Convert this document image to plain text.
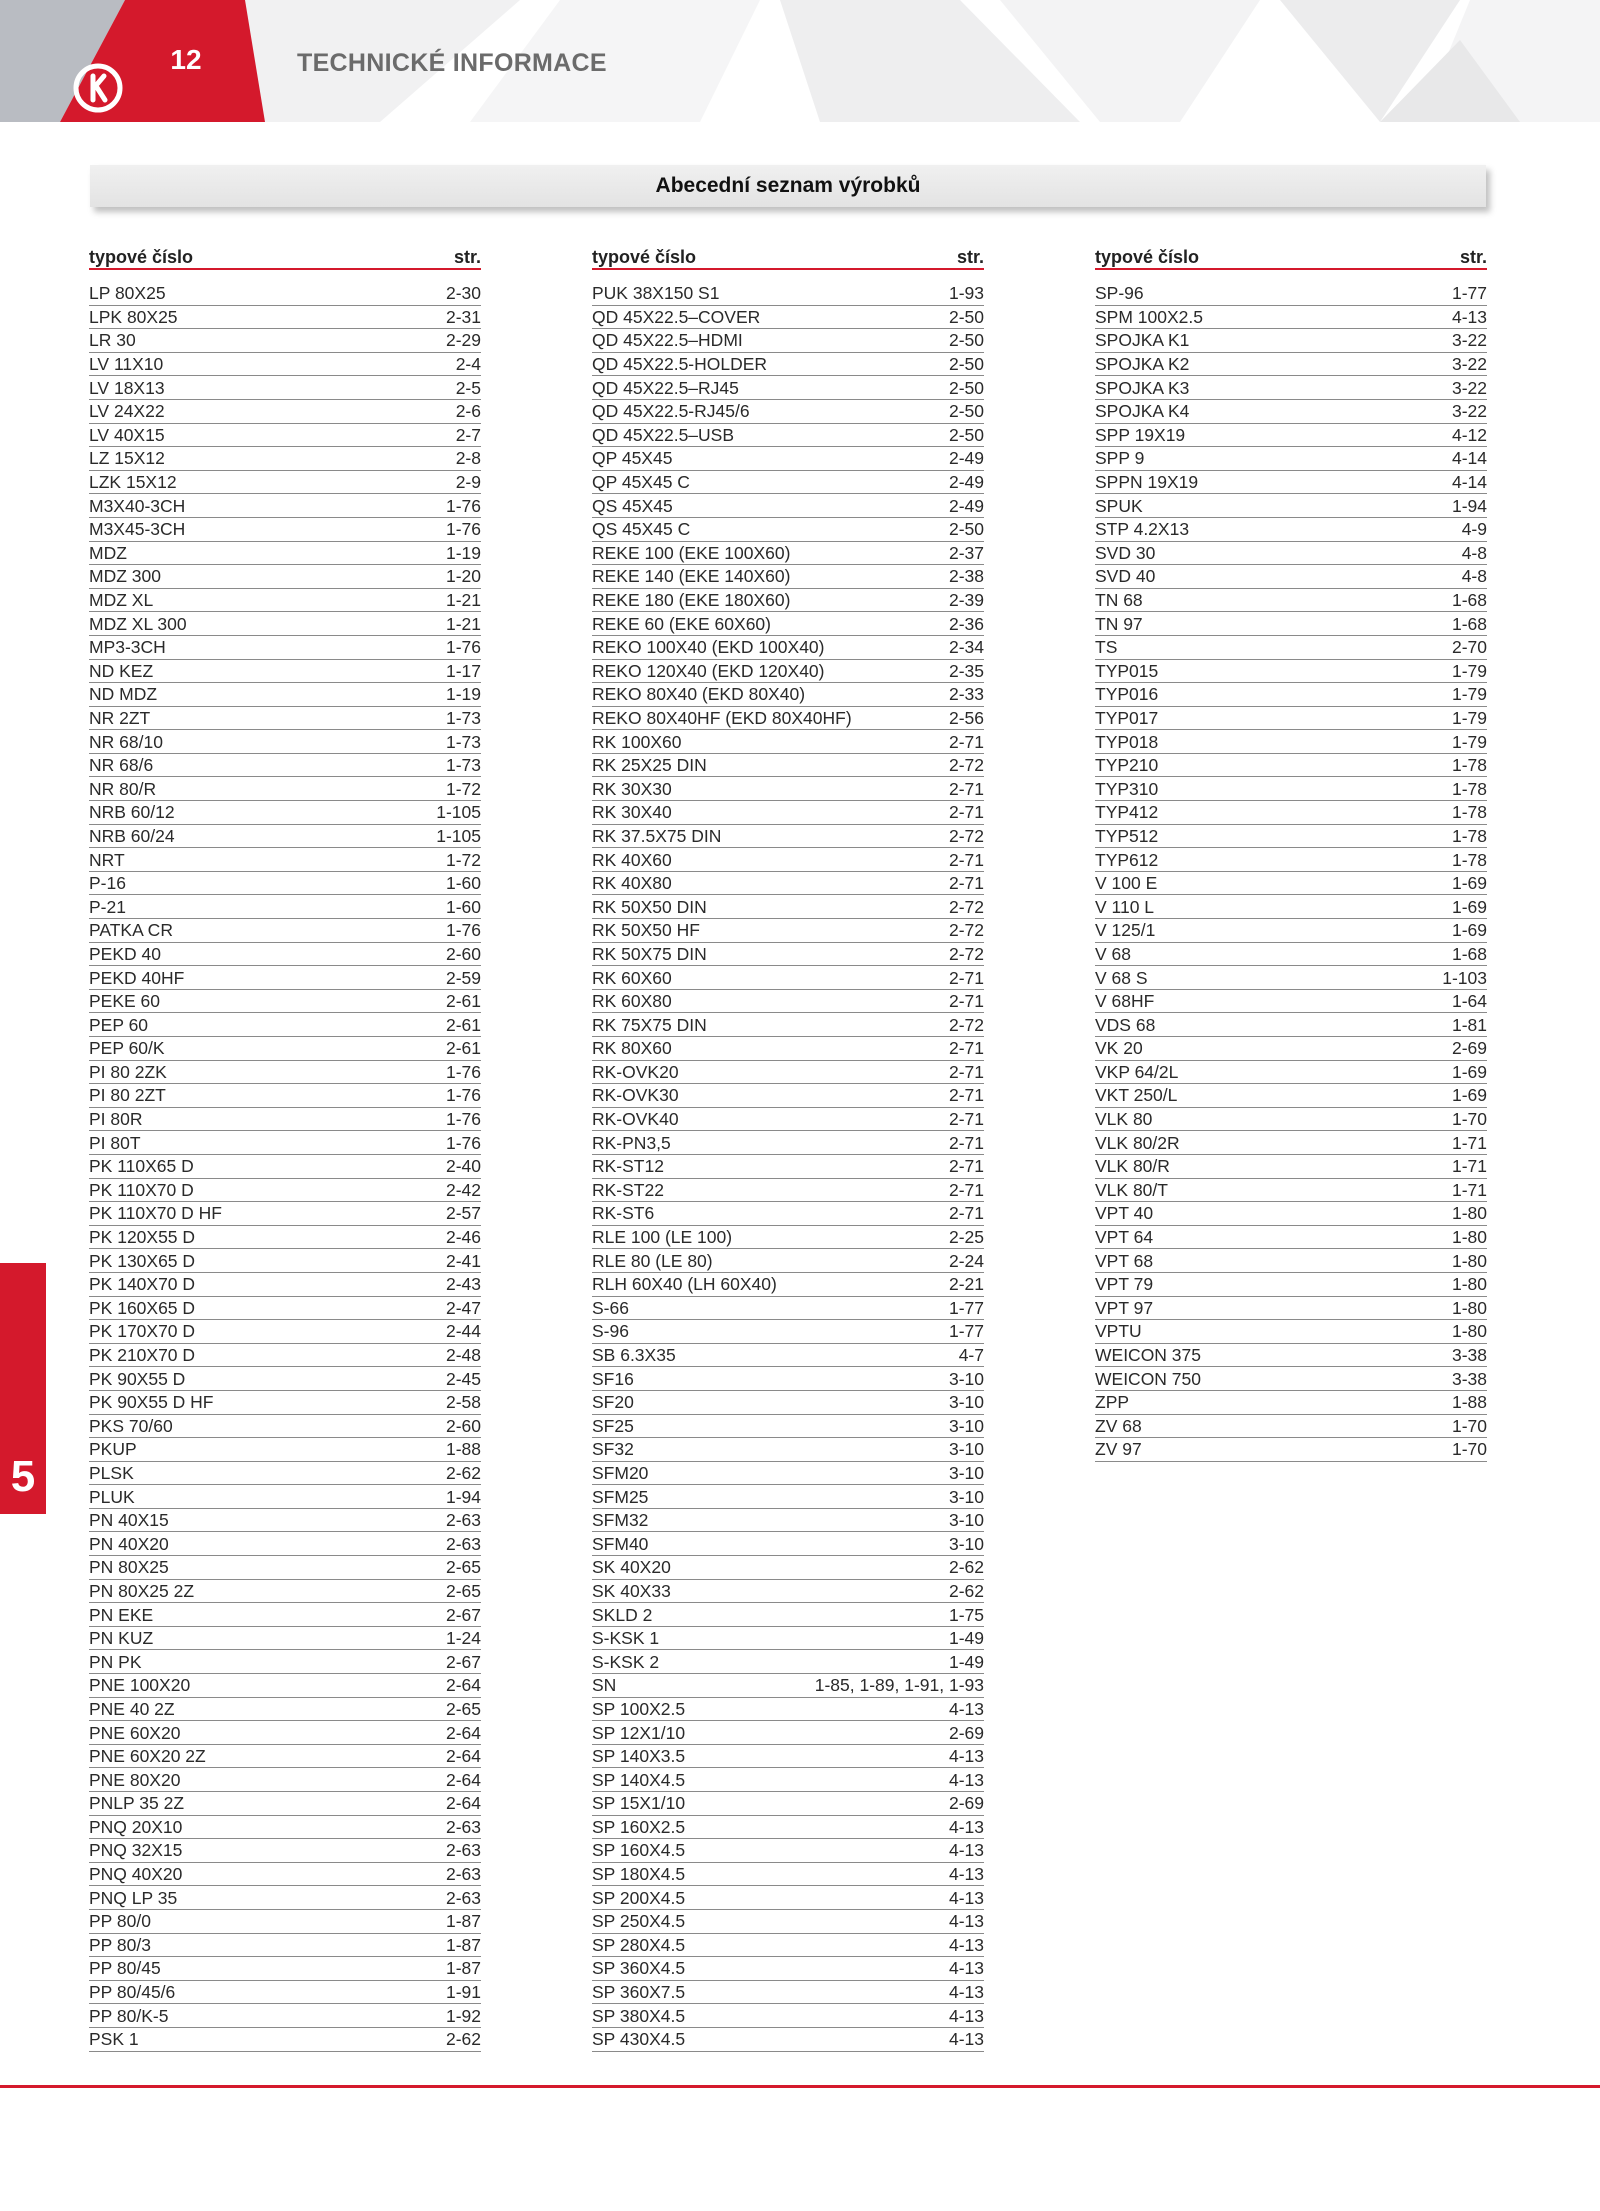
12	TECHNICKÉ INFORMACE
Abecední seznam výrobků
typové číslo	str.
LP 80X25	2-30
LPK 80X25	2-31
LR 30	2-29
LV 11X10	2-4
LV 18X13	2-5
LV 24X22	2-6
LV 40X15	2-7
LZ 15X12	2-8
LZK 15X12	2-9
M3X40-3CH	1-76
M3X45-3CH	1-76
MDZ	1-19
MDZ 300	1-20
MDZ XL	1-21
MDZ XL 300	1-21
MP3-3CH	1-76
ND KEZ	1-17
ND MDZ	1-19
NR 2ZT	1-73
NR 68/10	1-73
NR 68/6	1-73
NR 80/R	1-72
NRB 60/12	1-105
NRB 60/24	1-105
NRT	1-72
P-16	1-60
P-21	1-60
PATKA CR	1-76
PEKD 40	2-60
PEKD 40HF	2-59
PEKE 60	2-61
PEP 60	2-61
PEP 60/K	2-61
PI 80 2ZK	1-76
PI 80 2ZT	1-76
PI 80R	1-76
PI 80T	1-76
PK 110X65 D	2-40
PK 110X70 D	2-42
PK 110X70 D HF	2-57
PK 120X55 D	2-46
PK 130X65 D	2-41
PK 140X70 D	2-43
PK 160X65 D	2-47
PK 170X70 D	2-44
PK 210X70 D	2-48
PK 90X55 D	2-45
PK 90X55 D HF	2-58
PKS 70/60	2-60
PKUP	1-88
PLSK	2-62
PLUK	1-94
PN 40X15	2-63
PN 40X20	2-63
PN 80X25	2-65
PN 80X25 2Z	2-65
PN EKE	2-67
PN KUZ	1-24
PN PK	2-67
PNE 100X20	2-64
PNE 40 2Z	2-65
PNE 60X20	2-64
PNE 60X20 2Z	2-64
PNE 80X20	2-64
PNLP 35 2Z	2-64
PNQ 20X10	2-63
PNQ 32X15	2-63
PNQ 40X20	2-63
PNQ LP 35	2-63
PP 80/0	1-87
PP 80/3	1-87
PP 80/45	1-87
PP 80/45/6	1-91
PP 80/K-5	1-92
PSK 1	2-62
typové číslo	str.
PUK 38X150 S1	1-93
QD 45X22.5–COVER	2-50
QD 45X22.5–HDMI	2-50
QD 45X22.5-HOLDER	2-50
QD 45X22.5–RJ45	2-50
QD 45X22.5-RJ45/6	2-50
QD 45X22.5–USB	2-50
QP 45X45	2-49
QP 45X45 C	2-49
QS 45X45	2-49
QS 45X45 C	2-50
REKE 100 (EKE 100X60)	2-37
REKE 140 (EKE 140X60)	2-38
REKE 180 (EKE 180X60)	2-39
REKE 60 (EKE 60X60)	2-36
REKO 100X40 (EKD 100X40)	2-34
REKO 120X40 (EKD 120X40)	2-35
REKO 80X40 (EKD 80X40)	2-33
REKO 80X40HF (EKD 80X40HF)	2-56
RK 100X60	2-71
RK 25X25 DIN	2-72
RK 30X30	2-71
RK 30X40	2-71
RK 37.5X75 DIN	2-72
RK 40X60	2-71
RK 40X80	2-71
RK 50X50 DIN	2-72
RK 50X50 HF	2-72
RK 50X75 DIN	2-72
RK 60X60	2-71
RK 60X80	2-71
RK 75X75 DIN	2-72
RK 80X60	2-71
RK-OVK20	2-71
RK-OVK30	2-71
RK-OVK40	2-71
RK-PN3,5	2-71
RK-ST12	2-71
RK-ST22	2-71
RK-ST6	2-71
RLE 100 (LE 100)	2-25
RLE 80 (LE 80)	2-24
RLH 60X40 (LH 60X40)	2-21
S-66	1-77
S-96	1-77
SB 6.3X35	4-7
SF16	3-10
SF20	3-10
SF25	3-10
SF32	3-10
SFM20	3-10
SFM25	3-10
SFM32	3-10
SFM40	3-10
SK 40X20	2-62
SK 40X33	2-62
SKLD 2	1-75
S-KSK 1	1-49
S-KSK 2	1-49
SN	1-85, 1-89, 1-91, 1-93
SP 100X2.5	4-13
SP 12X1/10	2-69
SP 140X3.5	4-13
SP 140X4.5	4-13
SP 15X1/10	2-69
SP 160X2.5	4-13
SP 160X4.5	4-13
SP 180X4.5	4-13
SP 200X4.5	4-13
SP 250X4.5	4-13
SP 280X4.5	4-13
SP 360X4.5	4-13
SP 360X7.5	4-13
SP 380X4.5	4-13
SP 430X4.5	4-13
typové číslo	str.
SP-96	1-77
SPM 100X2.5	4-13
SPOJKA K1	3-22
SPOJKA K2	3-22
SPOJKA K3	3-22
SPOJKA K4	3-22
SPP 19X19	4-12
SPP 9	4-14
SPPN 19X19	4-14
SPUK	1-94
STP 4.2X13	4-9
SVD 30	4-8
SVD 40	4-8
TN 68	1-68
TN 97	1-68
TS	2-70
TYP015	1-79
TYP016	1-79
TYP017	1-79
TYP018	1-79
TYP210	1-78
TYP310	1-78
TYP412	1-78
TYP512	1-78
TYP612	1-78
V 100 E	1-69
V 110 L	1-69
V 125/1	1-69
V 68	1-68
V 68 S	1-103
V 68HF	1-64
VDS 68	1-81
VK 20	2-69
VKP 64/2L	1-69
VKT 250/L	1-69
VLK 80	1-70
VLK 80/2R	1-71
VLK 80/R	1-71
VLK 80/T	1-71
VPT 40	1-80
VPT 64	1-80
VPT 68	1-80
VPT 79	1-80
VPT 97	1-80
VPTU	1-80
WEICON 375	3-38
WEICON 750	3-38
ZPP	1-88
ZV 68	1-70
ZV 97	1-70
5
